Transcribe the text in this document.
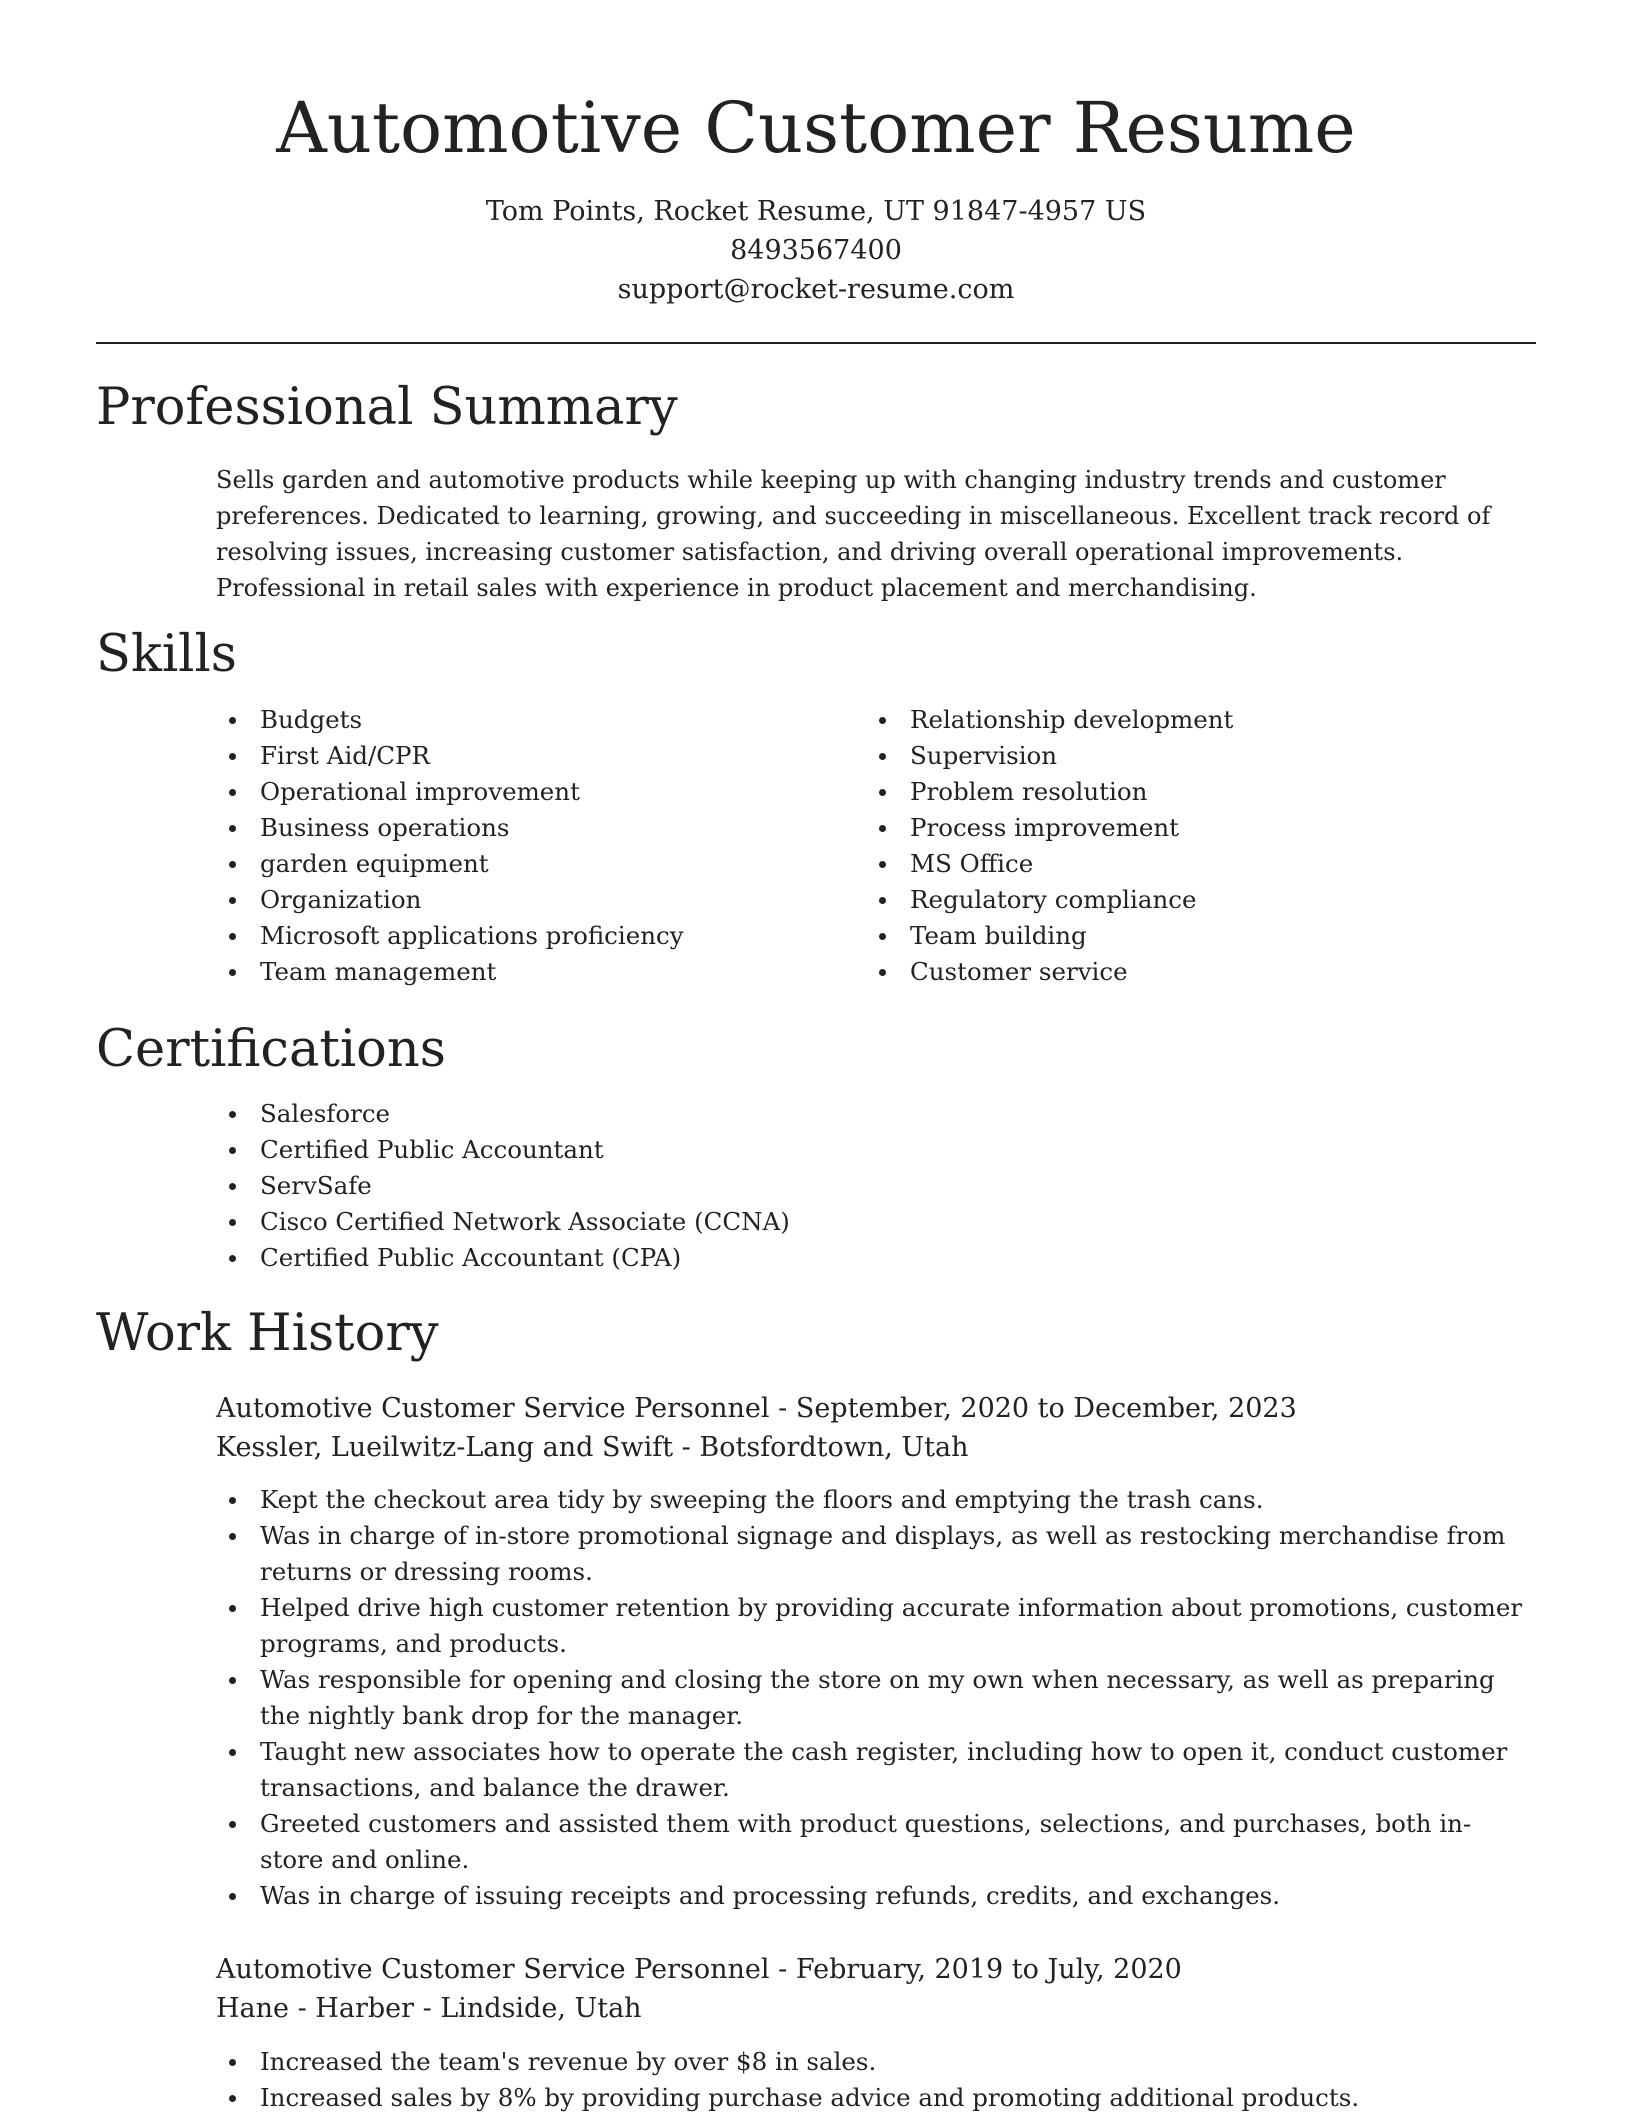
Automotive Customer Resume
Tom Points, Rocket Resume, UT 91847-4957 US
8493567400
support@rocket-resume.com
Professional Summary

Sells garden and automotive products while keeping up with changing industry trends and customer preferences. Dedicated to learning, growing, and succeeding in miscellaneous. Excellent track record of resolving issues, increasing customer satisfaction, and driving overall operational improvements. Professional in retail sales with experience in product placement and merchandising.

Skills
Budgets
First Aid/CPR
Operational improvement
Business operations
garden equipment
Organization
Microsoft applications proficiency
Team management
Relationship development
Supervision
Problem resolution
Process improvement
MS Office
Regulatory compliance
Team building
Customer service
Certifications
Salesforce
Certified Public Accountant
ServSafe
Cisco Certified Network Associate (CCNA)
Certified Public Accountant (CPA)
Work History
Automotive Customer Service Personnel - September, 2020 to December, 2023
Kessler, Lueilwitz-Lang and Swift - Botsfordtown, Utah
Kept the checkout area tidy by sweeping the floors and emptying the trash cans.
Was in charge of in-store promotional signage and displays, as well as restocking merchandise from returns or dressing rooms.
Helped drive high customer retention by providing accurate information about promotions, customer programs, and products.
Was responsible for opening and closing the store on my own when necessary, as well as preparing the nightly bank drop for the manager.
Taught new associates how to operate the cash register, including how to open it, conduct customer transactions, and balance the drawer.
Greeted customers and assisted them with product questions, selections, and purchases, both in-store and online.
Was in charge of issuing receipts and processing refunds, credits, and exchanges.
Automotive Customer Service Personnel - February, 2019 to July, 2020
Hane - Harber - Lindside, Utah
Increased the team's revenue by over $8 in sales.
Increased sales by 8% by providing purchase advice and promoting additional products.
